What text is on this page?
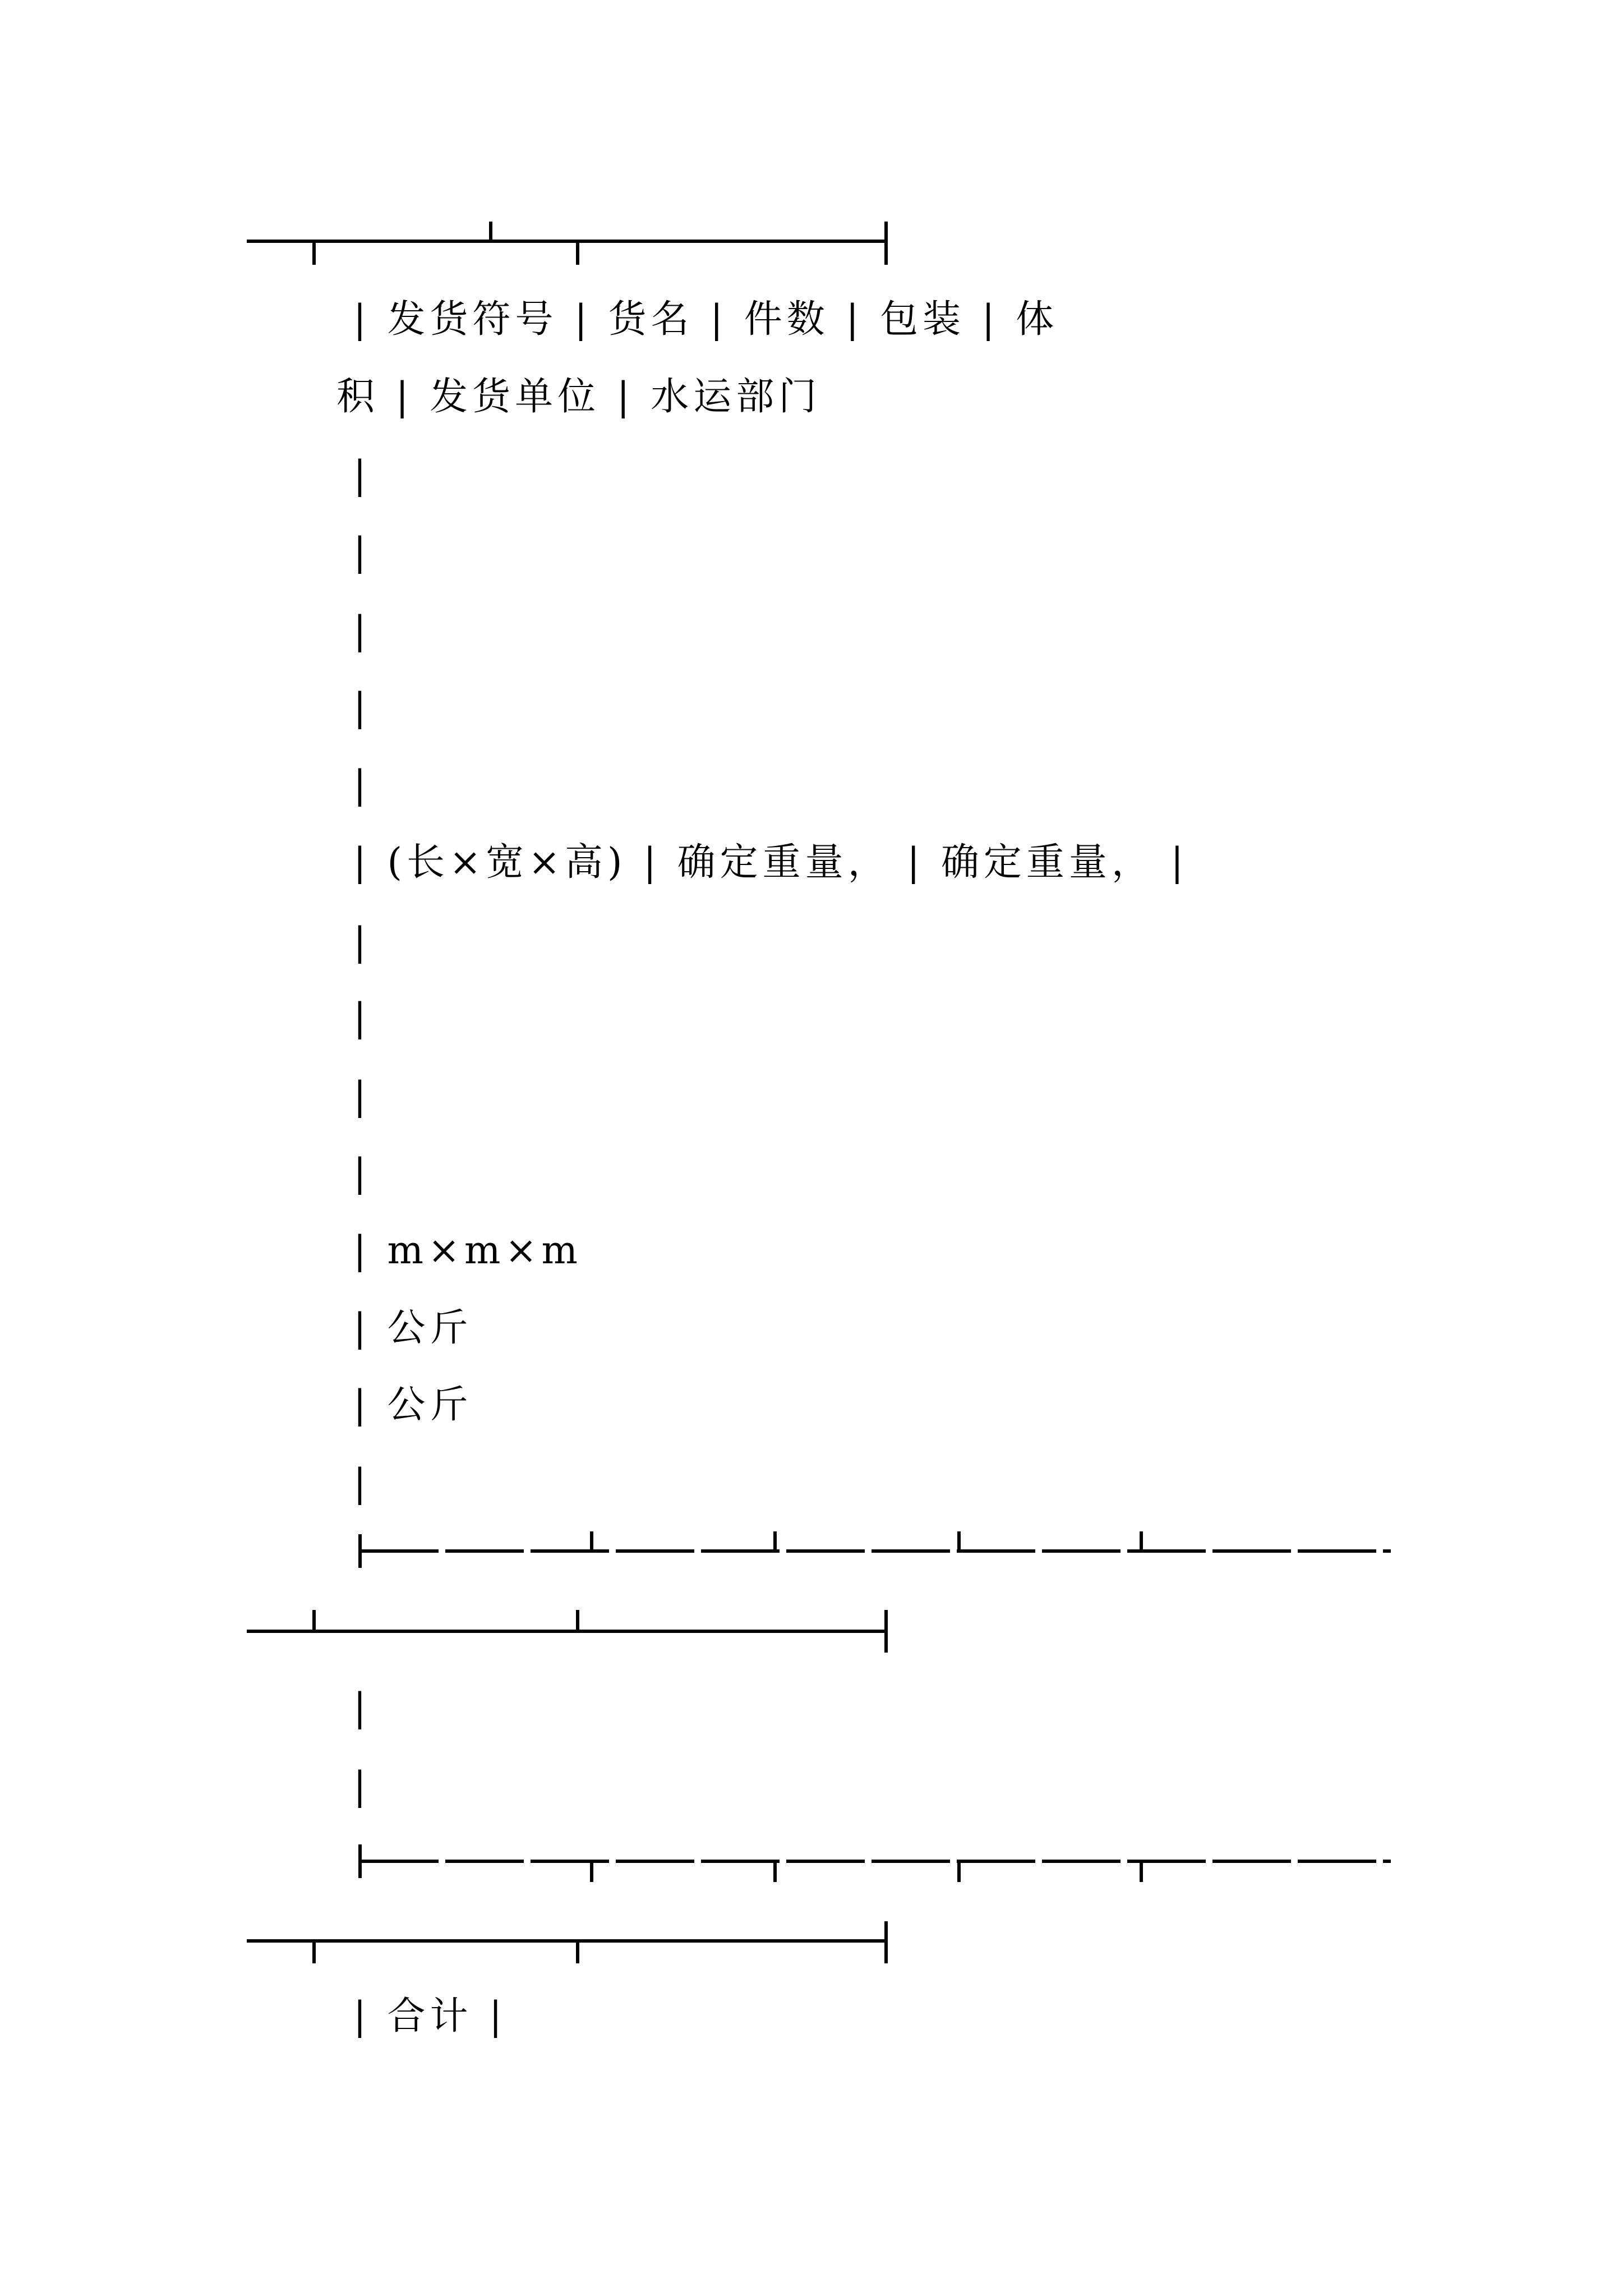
| 发货符号 | 货名 | 件数 | 包装 | 体
积 | 发货单位 | 水运部门
|
|
|
|
|
| (长×宽×高) | 确定重量， | 确定重量， |
|
|
|
|
| m×m×m
| 公斤
| 公斤
|
|
|
| 合计 |
